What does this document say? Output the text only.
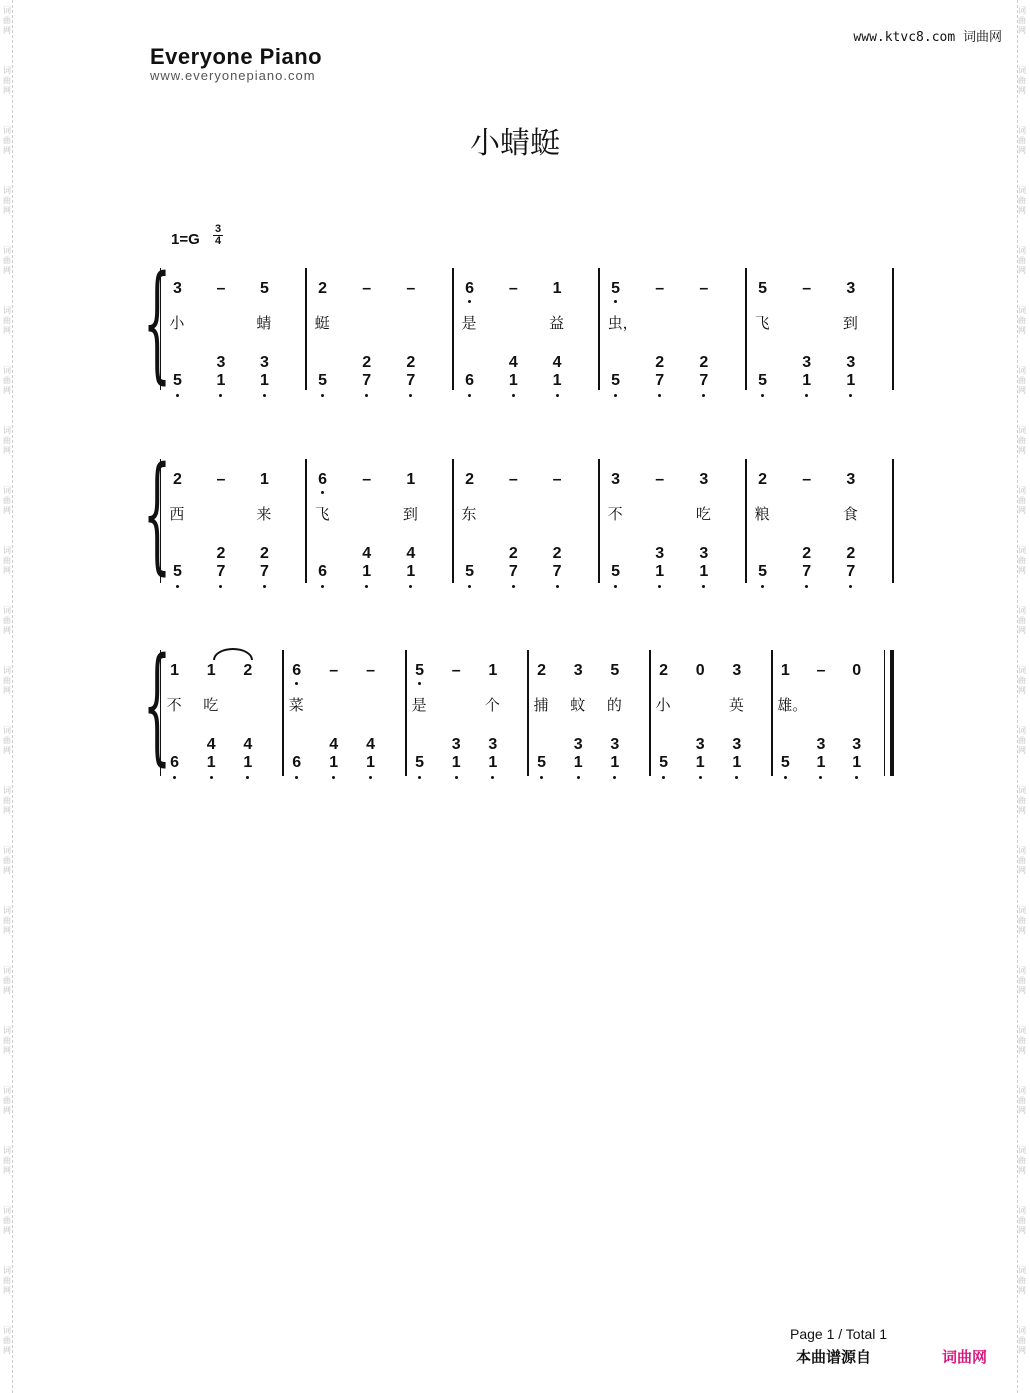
词
曲
网
词
曲
网
词
曲
网
词
曲
网
词
曲
网
词
曲
网
词
曲
网
词
曲
网
词
曲
网
词
曲
网
词
曲
网
词
曲
网
词
曲
网
词
曲
网
词
曲
网
词
曲
网
词
曲
网
词
曲
网
词
曲
网
词
曲
网
词
曲
网
词
曲
网
词
曲
网
词
曲
网
词
曲
网
词
曲
网
词
曲
网
词
曲
网
词
曲
网
词
曲
网
词
曲
网
词
曲
网
词
曲
网
词
曲
网
词
曲
网
词
曲
网
词
曲
网
词
曲
网
词
曲
网
词
曲
网
词
曲
网
词
曲
网
词
曲
网
词
曲
网
词
曲
网
词
曲
网
www.ktvc8.com 词曲网
Everyone Piano
www.everyonepiano.com
小蜻蜓
1=G
3
4
{ 3
小
– 5
蜻
5
3
1
3
1
2
蜓
– –
5
2
7
2
7
6
是
– 1
益
6
4
1
4
1
5
虫，
– –
5
2
7
2
7
5
飞
– 3
到
5
3
1
3
1
{ 2
西
– 1
来
5
2
7
2
7
6
飞
– 1
到
6
4
1
4
1
2
东
– –
5
2
7
2
7
3
不
– 3
吃
5
3
1
3
1
2
粮
– 3
食
5
2
7
2
7
{ 1
不
1
吃
2
6
4
1
4
1
6
菜
– –
6
4
1
4
1
5
是
– 1
个
5
3
1
3
1
2
捕
3
蚊
5
的
5
3
1
3
1
2
小
0 3
英
5
3
1
3
1
1
雄。
– 0
5
3
1
3
1
Page 1 / Total 1
本曲谱源自	词曲网
